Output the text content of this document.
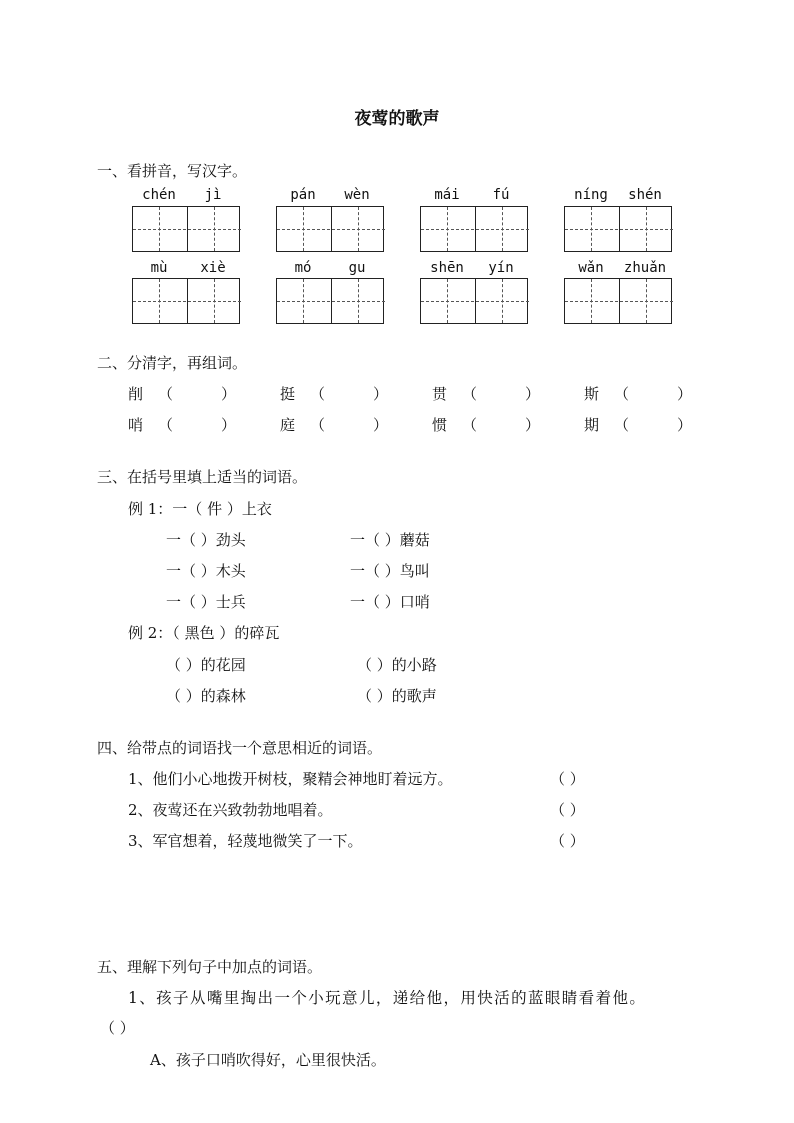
夜莺的歌声
一、看拼音，写汉字。
chén	jì	pán	wèn	mái	fú	níng	shén
mù	xiè	mó	gu	shēn	yín	wǎn	zhuǎn
二、分清字，再组词。
削 （	）	挺 （	）	贯 （	）	斯 （	）
哨 （	）	庭 （	）	惯 （	）	期 （	）
三、在括号里填上适当的词语。
例 1：一（ 件 ）上衣
一（ ）劲头	一（ ）蘑菇
一（ ）木头	一（ ）鸟叫
一（ ）士兵	一（ ）口哨
例 2：（ 黑色 ）的碎瓦
（ ）的花园	（ ）的小路
（ ）的森林	（ ）的歌声
四、给带点的词语找一个意思相近的词语。
1、他们小心地拨开树枝，聚精会神地盯着远方。	（ ）
2、夜莺还在兴致勃勃地唱着。	（ ）
3、军官想着，轻蔑地微笑了一下。	（ ）
五、理解下列句子中加点的词语。
1、孩子从嘴里掏出一个小玩意儿，递给他，用快活的蓝眼睛看着他。
（ ）
A、孩子口哨吹得好，心里很快活。
